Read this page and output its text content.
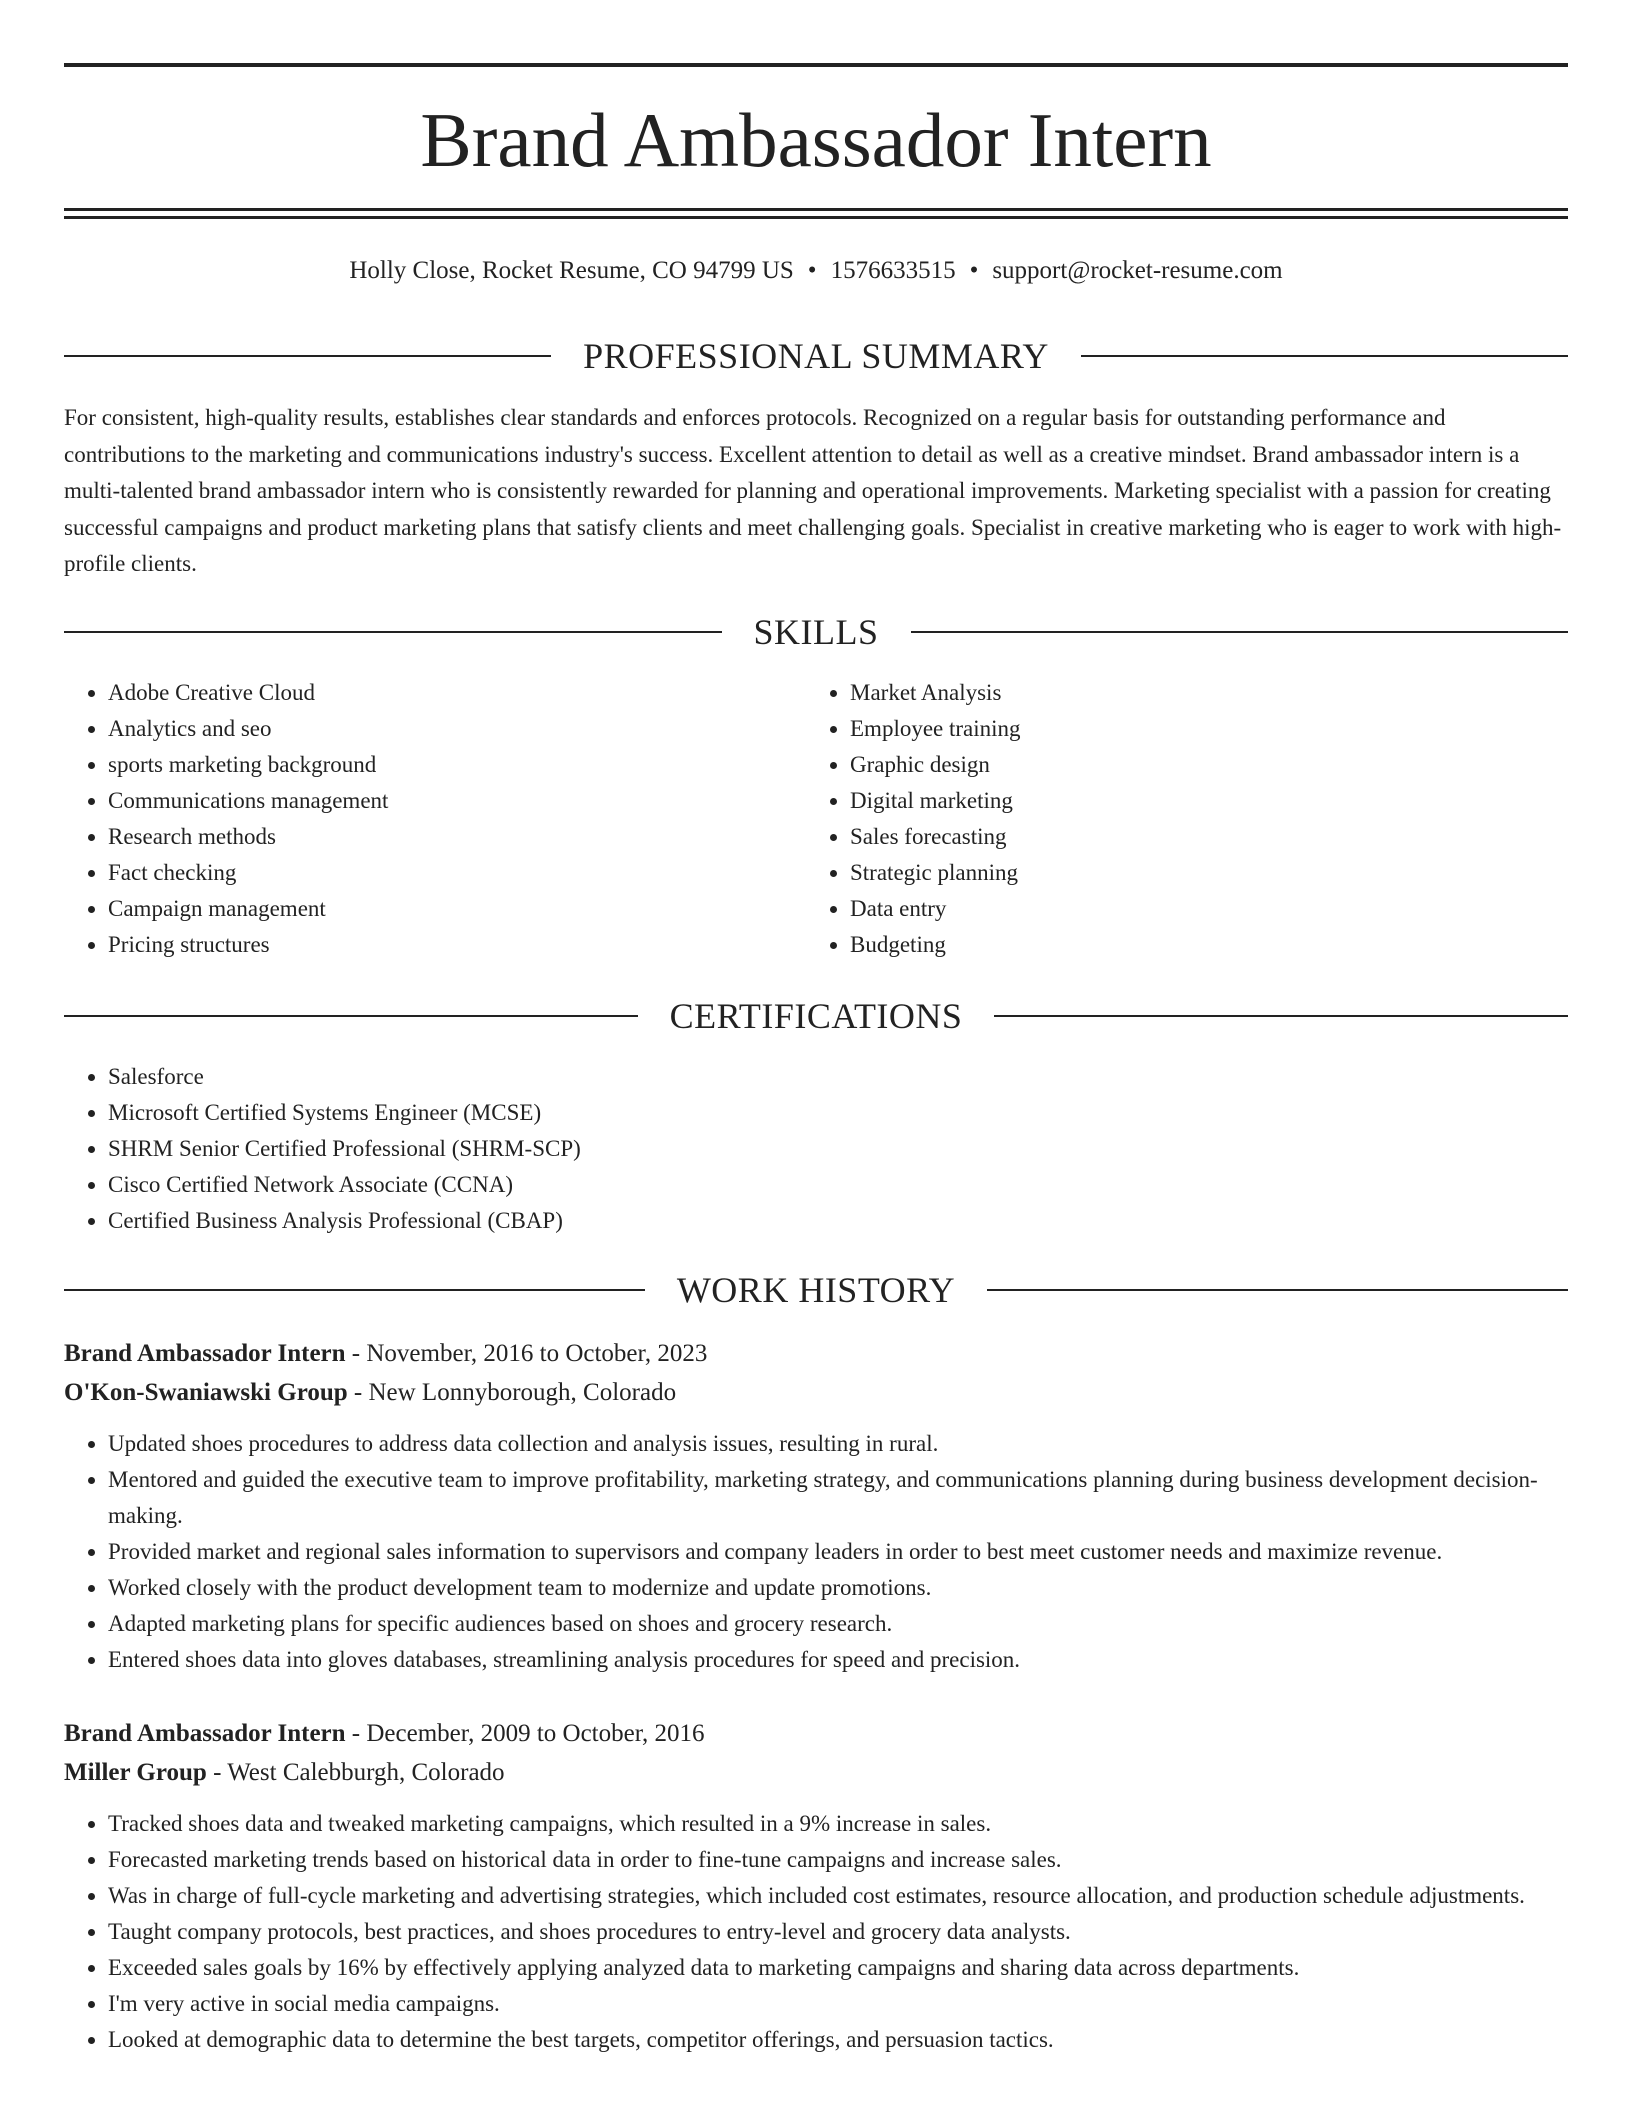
Brand Ambassador Intern
Holly Close, Rocket Resume, CO 94799 US • 1576633515 • support@rocket-resume.com
PROFESSIONAL SUMMARY

For consistent, high-quality results, establishes clear standards and enforces protocols. Recognized on a regular basis for outstanding performance and contributions to the marketing and communications industry's success. Excellent attention to detail as well as a creative mindset. Brand ambassador intern is a multi-talented brand ambassador intern who is consistently rewarded for planning and operational improvements. Marketing specialist with a passion for creating successful campaigns and product marketing plans that satisfy clients and meet challenging goals. Specialist in creative marketing who is eager to work with high-profile clients.

SKILLS
• Adobe Creative Cloud
• Analytics and seo
• sports marketing background
• Communications management
• Research methods
• Fact checking
• Campaign management
• Pricing structures
• Market Analysis
• Employee training
• Graphic design
• Digital marketing
• Sales forecasting
• Strategic planning
• Data entry
• Budgeting
CERTIFICATIONS
• Salesforce
• Microsoft Certified Systems Engineer (MCSE)
• SHRM Senior Certified Professional (SHRM-SCP)
• Cisco Certified Network Associate (CCNA)
• Certified Business Analysis Professional (CBAP)
WORK HISTORY
Brand Ambassador Intern - November, 2016 to October, 2023
O'Kon-Swaniawski Group - New Lonnyborough, Colorado
• Updated shoes procedures to address data collection and analysis issues, resulting in rural.
• Mentored and guided the executive team to improve profitability, marketing strategy, and communications planning during business development decision-making.
• Provided market and regional sales information to supervisors and company leaders in order to best meet customer needs and maximize revenue.
• Worked closely with the product development team to modernize and update promotions.
• Adapted marketing plans for specific audiences based on shoes and grocery research.
• Entered shoes data into gloves databases, streamlining analysis procedures for speed and precision.
Brand Ambassador Intern - December, 2009 to October, 2016
Miller Group - West Calebburgh, Colorado
• Tracked shoes data and tweaked marketing campaigns, which resulted in a 9% increase in sales.
• Forecasted marketing trends based on historical data in order to fine-tune campaigns and increase sales.
• Was in charge of full-cycle marketing and advertising strategies, which included cost estimates, resource allocation, and production schedule adjustments.
• Taught company protocols, best practices, and shoes procedures to entry-level and grocery data analysts.
• Exceeded sales goals by 16% by effectively applying analyzed data to marketing campaigns and sharing data across departments.
• I'm very active in social media campaigns.
• Looked at demographic data to determine the best targets, competitor offerings, and persuasion tactics.
